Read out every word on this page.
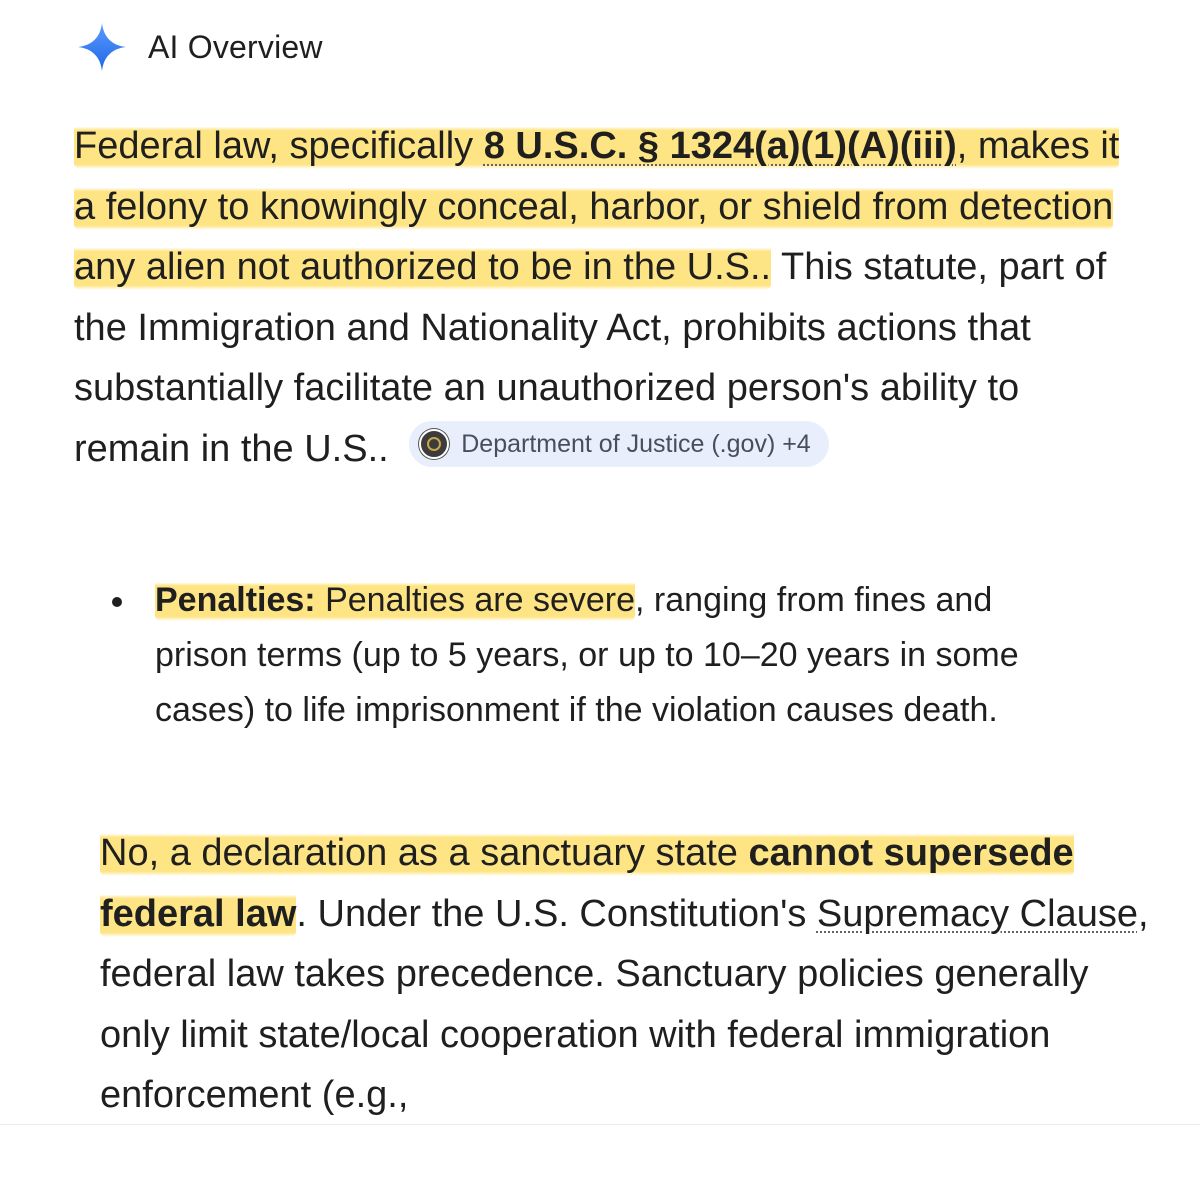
AI Overview

Federal law, specifically 8 U.S.C. § 1324(a)(1)(A)(iii), makes it a felony to knowingly conceal, harbor, or shield from detection any alien not authorized to be in the U.S.. This statute, part of the Immigration and Nationality Act, prohibits actions that substantially facilitate an unauthorized person's ability to remain in the U.S.. Department of Justice (.gov) +4

Penalties: Penalties are severe, ranging from fines and prison terms (up to 5 years, or up to 10–20 years in some cases) to life imprisonment if the violation causes death.

No, a declaration as a sanctuary state cannot supersede federal law. Under the U.S. Constitution's Supremacy Clause, federal law takes precedence. Sanctuary policies generally only limit state/local cooperation with federal immigration enforcement (e.g.,
